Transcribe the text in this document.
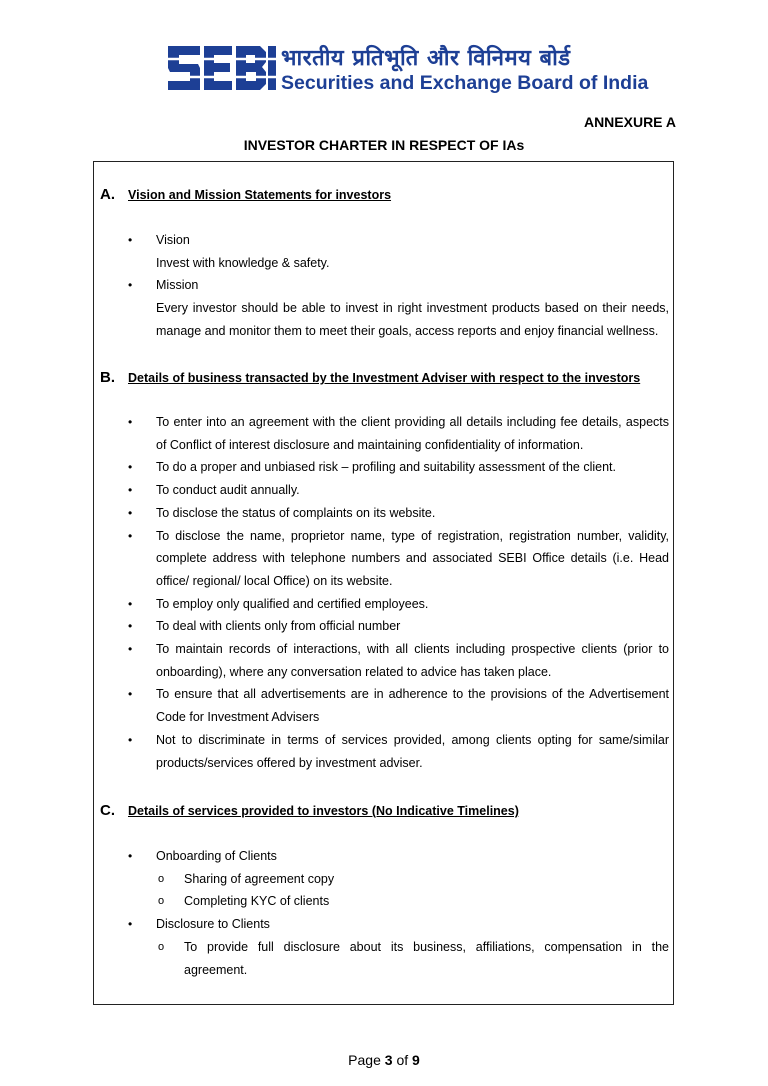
भारतीय प्रतिभूति और विनिमय बोर्ड
Securities and Exchange Board of India
ANNEXURE A
INVESTOR CHARTER IN RESPECT OF IAs
A.	Vision and Mission Statements for investors
• Vision
Invest with knowledge & safety.
• Mission
Every investor should be able to invest in right investment products based on their needs, manage and monitor them to meet their goals, access reports and enjoy financial wellness.
B.	Details of business transacted by the Investment Adviser with respect to the investors
• To enter into an agreement with the client providing all details including fee details, aspects of Conflict of interest disclosure and maintaining confidentiality of information.
• To do a proper and unbiased risk – profiling and suitability assessment of the client.
• To conduct audit annually.
• To disclose the status of complaints on its website.
• To disclose the name, proprietor name, type of registration, registration number, validity, complete address with telephone numbers and associated SEBI Office details (i.e. Head office/ regional/ local Office) on its website.
• To employ only qualified and certified employees.
• To deal with clients only from official number
• To maintain records of interactions, with all clients including prospective clients (prior to onboarding), where any conversation related to advice has taken place.
• To ensure that all advertisements are in adherence to the provisions of the Advertisement Code for Investment Advisers
• Not to discriminate in terms of services provided, among clients opting for same/similar products/services offered by investment adviser.
C.	Details of services provided to investors (No Indicative Timelines)
• Onboarding of Clients
o Sharing of agreement copy
o Completing KYC of clients
• Disclosure to Clients
o To provide full disclosure about its business, affiliations, compensation in the agreement.
Page 3 of 9
